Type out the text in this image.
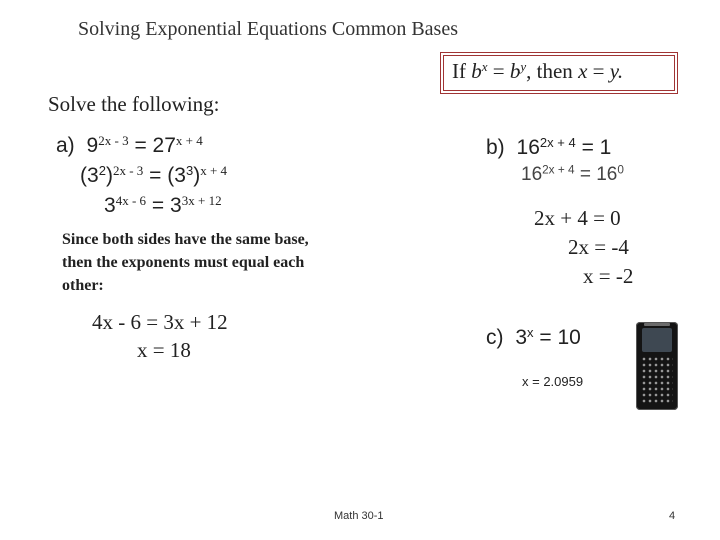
Solving Exponential Equations Common Bases
If $b^x = b^y$, then x = y.
Solve the following:
a) $9^{2x - 3} = 27^{x + 4}$
$(3^2)^{2x - 3} = (3^3)^{x + 4}$
$3^{4x - 6} = 3^{3x + 12}$
Since both sides have the same base, then the exponents must equal each other:
4x - 6 = 3x + 12
x = 18
b) $16^{2x + 4} = 1$
$16^{2x + 4} = 16^0$
2x + 4 = 0
2x = -4
x = -2
c) $3^x = 10$
x = 2.0959
Math 30-1	4
